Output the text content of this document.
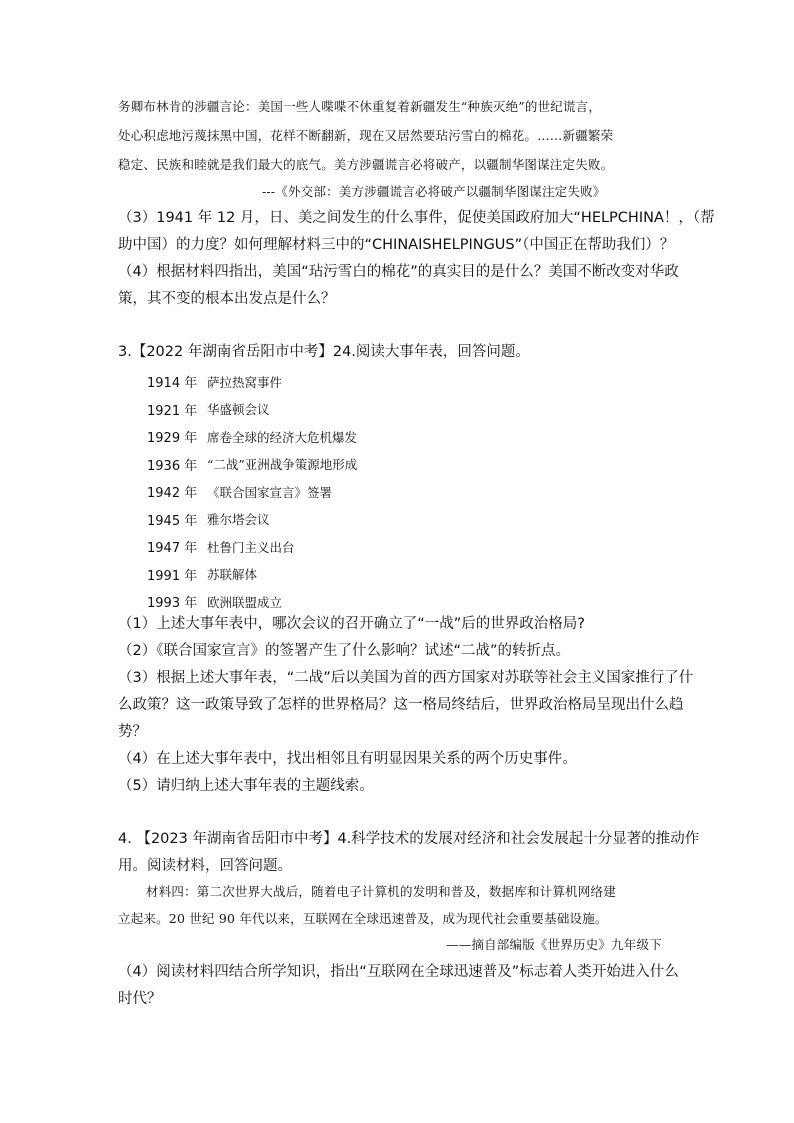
务卿布林肯的涉疆言论：美国一些人喋喋不休重复着新疆发生“种族灭绝”的世纪谎言，
处心积虑地污蔑抹黑中国，花样不断翻新，现在又居然要玷污雪白的棉花。……新疆繁荣
稳定、民族和睦就是我们最大的底气。美方涉疆谎言必将破产，以疆制华图谋注定失败。
---《外交部：美方涉疆谎言必将破产以疆制华图谋注定失败》
（3）1941 年 12 月，日、美之间发生的什么事件，促使美国政府加大“HELPCHINA！，（帮
助中国）的力度？如何理解材料三中的“CHINAISHELPINGUS”（中国正在帮助我们）？
（4）根据材料四指出，美国“玷污雪白的棉花”的真实目的是什么？美国不断改变对华政
策，其不变的根本出发点是什么？
3.【2022 年湖南省岳阳市中考】24.阅读大事年表，回答问题。
1914 年 萨拉热窝事件
1921 年 华盛顿会议
1929 年 席卷全球的经济大危机爆发
1936 年 “二战”亚洲战争策源地形成
1942 年 《联合国家宣言》签署
1945 年 雅尔塔会议
1947 年 杜鲁门主义出台
1991 年 苏联解体
1993 年 欧洲联盟成立
（1）上述大事年表中，哪次会议的召开确立了“一战”后的世界政治格局?
（2）《联合国家宣言》的签署产生了什么影响？试述“二战”的转折点。
（3）根据上述大事年表，“二战”后以美国为首的西方国家对苏联等社会主义国家推行了什
么政策？这一政策导致了怎样的世界格局？这一格局终结后，世界政治格局呈现出什么趋
势？
（4）在上述大事年表中，找出相邻且有明显因果关系的两个历史事件。
（5）请归纳上述大事年表的主题线索。
4. 【2023 年湖南省岳阳市中考】4.科学技术的发展对经济和社会发展起十分显著的推动作
用。阅读材料，回答问题。
材料四：第二次世界大战后，随着电子计算机的发明和普及，数据库和计算机网络建
立起来。20 世纪 90 年代以来，互联网在全球迅速普及，成为现代社会重要基础设施。
——摘自部编版《世界历史》九年级下
（4）阅读材料四结合所学知识，指出“互联网在全球迅速普及”标志着人类开始进入什么
时代？
